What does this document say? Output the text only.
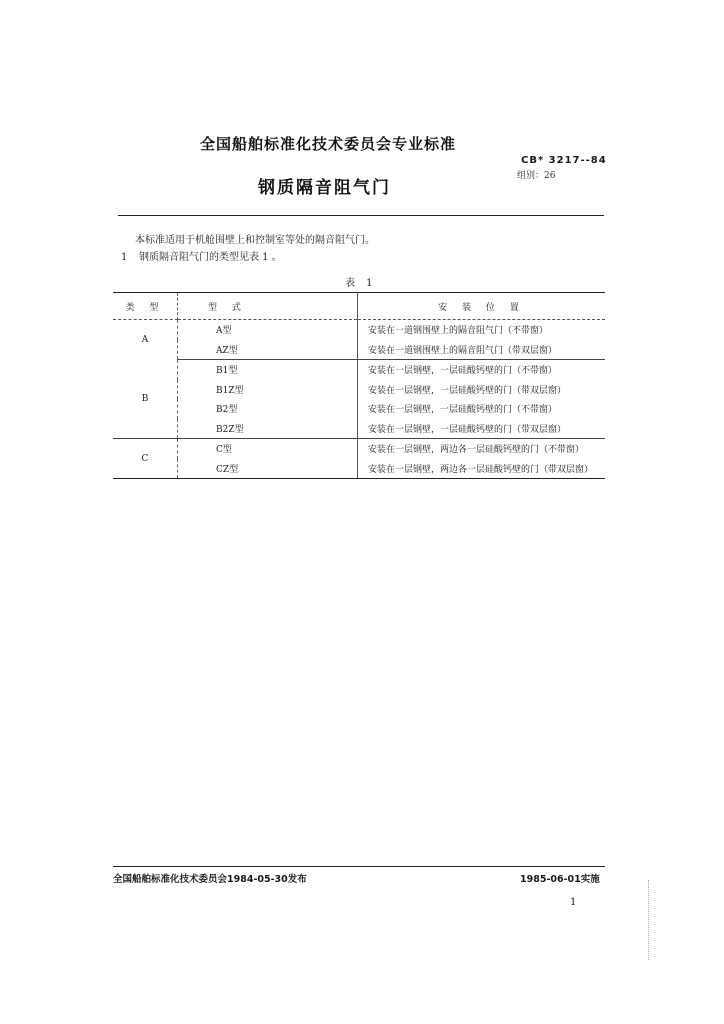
全国船舶标准化技术委员会专业标准
CB* 3217--84
组别：26
钢质隔音阻气门
本标准适用于机舱围壁上和控制室等处的隔音阻气门。
1 钢质隔音阻气门的类型见表 1 。
表 1
类 型	型 式	安 装 位 置
A	A型	安装在一道钢围壁上的隔音阻气门（不带窗）
	AZ型	安装在一道钢围壁上的隔音阻气门（带双层窗）
B	B1型	安装在一层钢壁，一层硅酸钙壁的门（不带窗）
	B1Z型	安装在一层钢壁，一层硅酸钙壁的门（带双层窗）
	B2型	安装在一层钢壁，一层硅酸钙壁的门（不带窗）
	B2Z型	安装在一层钢壁，一层硅酸钙壁的门（带双层窗）
C	C型	安装在一层钢壁，两边各一层硅酸钙壁的门（不带窗）
	CZ型	安装在一层钢壁，两边各一层硅酸钙壁的门（带双层窗）
全国船舶标准化技术委员会1984-05-30发布	1985-06-01实施
1
